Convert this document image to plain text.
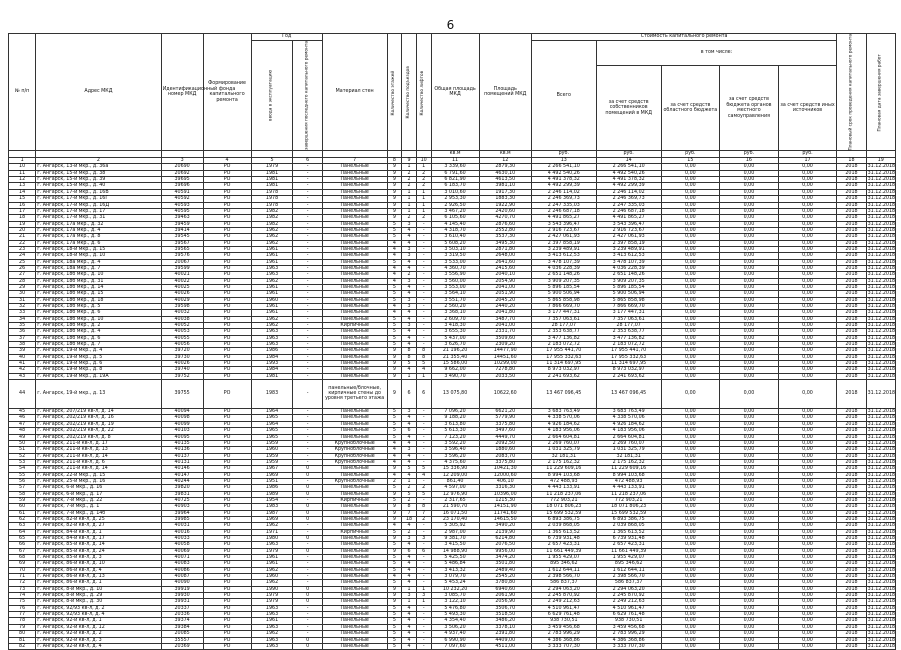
6
№ п/п	Адрес МКД	Идентификационный номер МКД	Формирование фонда капитального ремонта	Год		Материал стен	Количество этажей	Количество подъездов	Количество лифтов	Общая площадь МКД	Площадь помещений МКД	Стоимость капитального ремонта					Плановый срок проведения капитального ремонта	Плановая дата завершения работ
				ввода в эксплуатацию	завершения последнего капитального ремонта							Всего	в том числе:					
													за счет средств собственников помещений в МКД	за счет средств областного бюджета	за счет средств бюджета органов местного самоуправления	за счет средств иных источников		
										кв.м	кв.м	руб.	руб.	руб.	руб.	руб.		
1	2	3	4	5	6	7	8	9	10	11	12	13	14	15	16	17	18	19
10	г. Ангарск, 13-й мкр., д. 36а	20690	РО	1979	-	Панельные	9	1	1	3 339,60	2879,30	2 266 541,10	2 266 541,10	0,00	0,00	0,00	2018	31.12.2018
11	г. Ангарск, 15-й мкр., д. 38	20692	РО	1981	-	Панельные	9	2	2	6 791,60	4630,10	4 492 540,26	4 492 540,26	0,00	0,00	0,00	2018	31.12.2018
12	г. Ангарск, 15-й мкр., д. 39	39695	РО	1981	-	Панельные	9	2	2	6 821,90	4613,50	4 491 378,32	4 491 378,32	0,00	0,00	0,00	2018	31.12.2018
13	г. Ангарск, 15-й мкр., д. 40	39696	РО	1981	-	Панельные	9	2	2	6 183,70	3981,10	4 492 299,39	4 492 299,39	0,00	0,00	0,00	2018	31.12.2018
14	г. Ангарск, 17-й мкр., д. 16В	40591	РО	1978	-	Панельные	9	1	1	3 010,60	1917,30	2 246 114,02	2 246 114,02	0,00	0,00	0,00	2018	31.12.2018
15	г. Ангарск, 17-й мкр., д. 16Г	40592	РО	1978	-	Панельные	9	1	1	2 953,30	1883,30	2 246 369,73	2 246 369,73	0,00	0,00	0,00	2018	31.12.2018
16	г. Ангарск, 17-й мкр., д. 16Д	40593	РО	1978	-	Панельные	9	1	1	2 926,50	1922,90	2 247 335,03	2 247 335,03	0,00	0,00	0,00	2018	31.12.2018
17	г. Ангарск, 17-й мкр., д. 17	40595	РО	1982	-	Панельные	9	1	1	3 467,20	2420,60	2 246 687,18	2 246 687,18	0,00	0,00	0,00	2018	31.12.2018
18	г. Ангарск, 17-й мкр., д. 31	39463	РО	1982	-	Панельные	9	2	2	6 105,60	4270,70	4 491 865,27	4 491 865,27	0,00	0,00	0,00	2018	31.12.2018
19	г. Ангарск, 17а мкр., д. 32	39459	РО	1982	-	Панельные	5	3	-	4 145,40	2876,60	3 543 396,47	3 543 396,47	0,00	0,00	0,00	2018	31.12.2018
20	г. Ангарск, 17а мкр., д. 4	39414	РО	1962	-	Панельные	5	4	-	4 318,70	2552,80	2 916 723,67	2 916 723,67	0,00	0,00	0,00	2018	31.12.2018
21	г. Ангарск, 17а мкр., д. 8	39545	РО	1962	-	Панельные	5	4	-	3 610,40	3537,30	2 427 061,93	2 427 061,93	0,00	0,00	0,00	2018	31.12.2018
22	г. Ангарск, 17а мкр., д. 6	39567	РО	1962	-	Панельные	4	4	-	5 608,20	3495,30	2 397 858,19	2 397 858,19	0,00	0,00	0,00	2018	31.12.2018
23	г. Ангарск, 18-й мкр., д. 15	39565	РО	1961	-	Панельные	4	3	-	3 503,10	2871,80	3 239 489,91	3 239 489,91	0,00	0,00	0,00	2018	31.12.2018
24	г. Ангарск, 18-й мкр., д. 10	39576	РО	1961	-	Панельные	4	3	-	3 319,50	2648,00	3 413 612,53	3 413 612,53	0,00	0,00	0,00	2018	31.12.2018
25	г. Ангарск, 18а мкр., д. 4	20067	РО	1961	-	Панельные	5	4	-	3 533,00	2641,60	3 478 107,39	3 478 107,39	0,00	0,00	0,00	2018	31.12.2018
26	г. Ангарск, 18а мкр., д. 7	39599	РО	1963	-	Панельные	4	4	-	4 360,70	2415,60	4 036 228,39	4 036 228,39	0,00	0,00	0,00	2018	31.12.2018
27	г. Ангарск, 18б мкр., д. 10	40021	РО	1963	-	Панельные	4	2	-	3 556,90	2040,10	2 651 148,26	2 651 148,26	0,00	0,00	0,00	2018	31.12.2018
28	г. Ангарск, 18б мкр., д. 31	40022	РО	1962	-	Панельные	4	3	-	3 560,00	2054,90	3 909 207,35	3 909 207,35	0,00	0,00	0,00	2018	31.12.2018
29	г. Ангарск, 18б мкр., д. 14	40025	РО	1961	-	Панельные	5	4	-	3 553,00	2041,00	5 896 185,54	5 896 185,54	0,00	0,00	0,00	2018	31.12.2018
30	г. Ангарск, 18б мкр., д. 15	40026	РО	1961	-	Панельные	5	4	-	3 564,10	2051,90	5 900 506,94	5 900 506,94	0,00	0,00	0,00	2018	31.12.2018
31	г. Ангарск, 18б мкр., д. 18	40029	РО	1960	-	Панельные	5	3	-	3 551,70	2045,20	5 865 858,98	5 865 858,98	0,00	0,00	0,00	2018	31.12.2018
32	г. Ангарск, 18б мкр., д. 5	39598	РО	1961	-	Панельные	4	3	-	2 560,20	2440,20	7 866 669,70	7 866 669,70	0,00	0,00	0,00	2018	31.12.2018
33	г. Ангарск, 18б мкр., д. 6	40032	РО	1961	-	Панельные	4	4	-	3 368,10	2041,80	3 177 447,31	3 177 447,31	0,00	0,00	0,00	2018	31.12.2018
34	г. Ангарск, 18б мкр., д. 10	40038	РО	1962	-	Панельные	5	4	-	2 609,70	3487,70	7 357 063,61	7 357 063,61	0,00	0,00	0,00	2018	31.12.2018
35	г. Ангарск, 18б мкр., д. 2	40052	РО	1962	-	Кирпичные	5	3	-	3 418,30	2041,00	28 177,07	28 177,07	0,00	0,00	0,00	2018	31.12.2018
36	г. Ангарск, 18б мкр., д. 4	40053	РО	1963	-	Панельные	5	4	-	3 655,30	2331,70	2 353 638,77	2 353 638,77	0,00	0,00	0,00	2018	31.12.2018
37	г. Ангарск, 18б мкр., д. 6	40055	РО	1963	-	Панельные	5	4	-	5 437,00	3509,60	3 477 136,82	3 477 136,82	0,00	0,00	0,00	2018	31.12.2018
38	г. Ангарск, 18б мкр., д. 7	40056	РО	1963	-	Панельные	5	4	-	3 626,70	2309,20	2 183 072,72	2 183 072,72	0,00	0,00	0,00	2018	31.12.2018
39	г. Ангарск, 19-й мкр., д. 4	39720	РО	1986	-	Панельные	9	8	8	21 196,20	14477,90	17 955 441,70	17 955 441,70	0,00	0,00	0,00	2018	31.12.2018
40	г. Ангарск, 19-й мкр., д. 5	39730	РО	1984	-	Панельные	9	8	8	21 355,40	14451,60	17 955 332,63	17 955 332,63	0,00	0,00	0,00	2018	31.12.2018
41	г. Ангарск, 19-й мкр., д. 6	40026	РО	1993	-	Панельные	9	5	5	15 586,00	10299,00	11 314 697,95	11 314 697,95	0,00	0,00	0,00	2018	31.12.2018
42	г. Ангарск, 19-й мкр., д. 8	39740	РО	1984	-	Панельные	9	4	4	9 662,00	7278,80	8 973 032,97	8 973 032,97	0,00	0,00	0,00	2018	31.12.2018
43	г. Ангарск, 19-й мкр., д. 19А	39752	РО	1981	-	Панельные	9	1	1	3 490,70	2033,50	2 241 693,62	2 241 693,62	0,00	0,00	0,00	2018	31.12.2018
44	г. Ангарск, 19-й мкр., д. 13	39755	РО	1983	-	панельные/блочные, кирпичные стены до уровня третьего этажа	9	6	6	13 075,80	10622,60	13 467 096,45	13 467 096,45	0,00	0,00	0,00	2018	31.12.2018
45	г. Ангарск, 207/219 кв-л, д. 14	40094	РО	1964	-	Панельные	5	3	-	7 096,20	6621,20	3 683 763,49	3 683 763,49	0,00	0,00	0,00	2018	31.12.2018
46	г. Ангарск, 202/219 кв-л, д. 16	40098	РО	1965	-	Панельные	5	4	-	9 188,20	5779,90	4 338 570,06	4 338 570,06	0,00	0,00	0,00	2018	31.12.2018
47	г. Ангарск, 202/219 кв-л, д. 19	40099	РО	1964	-	Панельные	5	4	-	3 613,80	3375,80	4 926 184,62	4 926 184,62	0,00	0,00	0,00	2018	31.12.2018
48	г. Ангарск, 202/219 кв-л, д. 22	40103	РО	1965	-	Панельные	5	6	-	5 613,30	3497,60	4 183 956,06	4 183 956,06	0,00	0,00	0,00	2018	31.12.2018
49	г. Ангарск, 202/219 кв-л, д. 8	40095	РО	1965	-	Панельные	5	4	-	7 123,20	4449,70	2 664 604,81	2 664 604,81	0,00	0,00	0,00	2018	31.12.2018
50	г. Ангарск, 211-й кв-л, д. 17	40135	РО	1959	-	Крупноблочные	4	4	-	3 592,20	2092,50	2 269 760,07	2 269 760,07	0,00	0,00	0,00	2018	31.12.2018
51	г. Ангарск, 211-й кв-л, д. 13	40136	РО	1960	-	Крупноблочные	4	3	-	3 596,40	1880,60	1 031 325,79	1 031 325,79	0,00	0,00	0,00	2018	31.12.2018
52	г. Ангарск, 211-й кв-л, д. 14	40137	РО	1959	-	Крупноблочные	4	4	-	3 596,20	2083,70	32 181,31	32 181,31	0,00	0,00	0,00	2018	31.12.2018
53	г. Ангарск, 211-й кв-л, д. 6	40131	РО	1959	-	Крупноблочные	4	4	-	4 375,60	3375,80	2 175 162,32	2 175 162,32	0,00	0,00	0,00	2018	31.12.2018
54	г. Ангарск, 211-й кв-л, д. 14	40146	РО	1967	0	Панельные	9	5	5	15 336,90	10421,30	11 229 609,16	11 229 609,16	0,00	0,00	0,00	2018	31.12.2018
55	г. Ангарск, 22-й мкр., д. 15	40147	РО	1969	0	Панельные	4	4	4	12 209,00	12000,60	8 994 103,68	8 994 103,68	0,00	0,00	0,00	2018	31.12.2018
56	г. Ангарск, 25-й мкр., д. 16	40244	РО	1951	-	Крупноблочные	2	1	-	861,40	406,10	472 488,93	472 488,93	0,00	0,00	0,00	2018	31.12.2018
57	г. Ангарск, 6-й мкр., д. 16	39820	РО	1986	0	Панельные	5	2	2	4 597,00	3316,30	4 443 133,91	4 443 133,91	0,00	0,00	0,00	2018	31.12.2018
58	г. Ангарск, 6-й мкр., д. 17	39831	РО	1989	0	Панельные	9	5	5	12 976,90	10396,00	11 218 237,06	11 218 237,06	0,00	0,00	0,00	2018	31.12.2018
59	г. Ангарск, 7-й мкр., д. 22	40725	РО	1954	-	Кирпичные	5	2	-	2 317,65	1215,30	772 903,21	772 903,21	0,00	0,00	0,00	2018	31.12.2018
60	г. Ангарск, 7-й мкр., д. 1	40903	РО	1983	0	Панельные	9	8	8	21 590,70	14151,90	18 071 806,23	18 071 806,23	0,00	0,00	0,00	2018	31.12.2018
61	г. Ангарск, 7-й мкр., д. 14б	39964	РО	1987	0	Панельные	9	7	7	16 071,50	11741,60	15 699 532,59	15 699 532,59	0,00	0,00	0,00	2018	31.12.2018
62	г. Ангарск, 82-й кв-л, д. 25	39985	РО	1969	0	Панельные	9	18	2	23 170,40	14615,50	6 893 386,75	6 893 386,75	0,00	0,00	0,00	2018	31.12.2018
63	г. Ангарск, 82-й кв-л, д. 27	40031	РО	1962	-	Панельные	4	4	-	5 305,92	3490,20	2 039 868,05	2 039 868,05	0,00	0,00	0,00	2018	31.12.2018
64	г. Ангарск, 84-й кв-л, д. 1	40016	РО	1971	-	Кирпичные	5	2	-	2 987,00	2139,90	1 365 613,52	1 365 613,52	0,00	0,00	0,00	2018	31.12.2018
65	г. Ангарск, 84-й кв-л, д. 17	40033	РО	1980	0	Панельные	9	3	3	9 381,70	6214,80	6 739 931,48	6 739 931,48	0,00	0,00	0,00	2018	31.12.2018
66	г. Ангарск, 85-й кв-л, д. 14	40058	РО	1963	-	Панельные	5	4	-	3 415,50	2076,50	2 657 423,31	2 657 423,31	0,00	0,00	0,00	2018	31.12.2018
67	г. Ангарск, 85-й кв-л, д. 24	40069	РО	1979	0	Панельные	9	6	6	14 988,90	9956,00	11 661 449,39	11 661 449,39	0,00	0,00	0,00	2018	31.12.2018
68	г. Ангарск, 85-й кв-л, д. 3	40071	РО	1961	-	Панельные	5	4	-	5 425,50	3474,20	1 955 429,07	1 955 429,07	0,00	0,00	0,00	2018	31.12.2018
69	г. Ангарск, 86-й кв-л, д. 10	40083	РО	1961	-	Панельные	5	4	-	5 486,84	3501,80	895 346,62	895 346,62	0,00	0,00	0,00	2018	31.12.2018
70	г. Ангарск, 86-й кв-л, д. 4	40086	РО	1962	-	Панельные	5	4	-	3 413,32	2489,40	1 612 644,11	1 612 644,11	0,00	0,00	0,00	2018	31.12.2018
71	г. Ангарск, 86-й кв-л, д. 13	40087	РО	1960	-	Панельные	4	4	-	3 079,70	2545,20	2 398 566,70	2 398 566,70	0,00	0,00	0,00	2018	31.12.2018
72	г. Ангарск, 86-й кв-л, д. 1	40090	РО	1962	-	Панельные	5	4	-	5 453,24	3780,80	586 837,37	586 837,37	0,00	0,00	0,00	2018	31.12.2018
73	г. Ангарск, 8-й мкр., д. 10	39919	РО	1990	0	Панельные	9	1	1	10 232,20	6940,60	2 294 063,20	2 294 063,20	0,00	0,00	0,00	2018	31.12.2018
74	г. Ангарск, 8-й мкр., д. 29	39930	РО	1979	0	Панельные	9	3	3	3 085,70	2061,90	2 245 870,92	2 245 870,92	0,00	0,00	0,00	2018	31.12.2018
75	г. Ангарск, 8-й мкр., д. 30	39931	РО	1979	0	Панельные	9	1	1	3 122,10	2056,90	2 249 212,63	2 249 212,63	0,00	0,00	0,00	2018	31.12.2018
76	г. Ангарск, 92/93 кв-л, д. 2	20337	РО	1963	-	Панельные	5	4	-	5 476,80	3506,70	4 510 961,47	4 510 961,47	0,00	0,00	0,00	2018	31.12.2018
77	г. Ангарск, 92/93 кв-л, д. 4	20336	РО	1963	-	Панельные	5	4	-	5 493,30	3518,50	6 629 761,48	6 629 761,48	0,00	0,00	0,00	2018	31.12.2018
78	г. Ангарск, 92-й кв-л, д. 1	39374	РО	1961	-	Панельные	5	4	-	4 354,40	3486,20	938 730,51	938 730,51	0,00	0,00	0,00	2018	31.12.2018
79	г. Ангарск, 92-й кв-л, д. 12	39384	РО	1963	-	Панельные	5	4	-	3 506,20	3378,10	3 459 456,68	3 459 456,68	0,00	0,00	0,00	2018	31.12.2018
80	г. Ангарск, 92-й кв-л, д. 2	20085	РО	1962	-	Панельные	5	4	-	4 937,40	2391,80	2 783 996,29	2 783 996,29	0,00	0,00	0,00	2018	31.12.2018
81	г. Ангарск, 92-й кв-л, д. 3	35557	РО	1963	0	Панельные	5	4	-	6 990,90	4409,00	4 386 368,86	4 386 368,86	0,00	0,00	0,00	2018	31.12.2018
82	г. Ангарск, 92-й кв-л, д. 4	20369	РО	1963	0	Панельные	5	4	-	7 097,60	4511,00	3 333 707,30	3 333 707,30	0,00	0,00	0,00	2018	31.12.2018
